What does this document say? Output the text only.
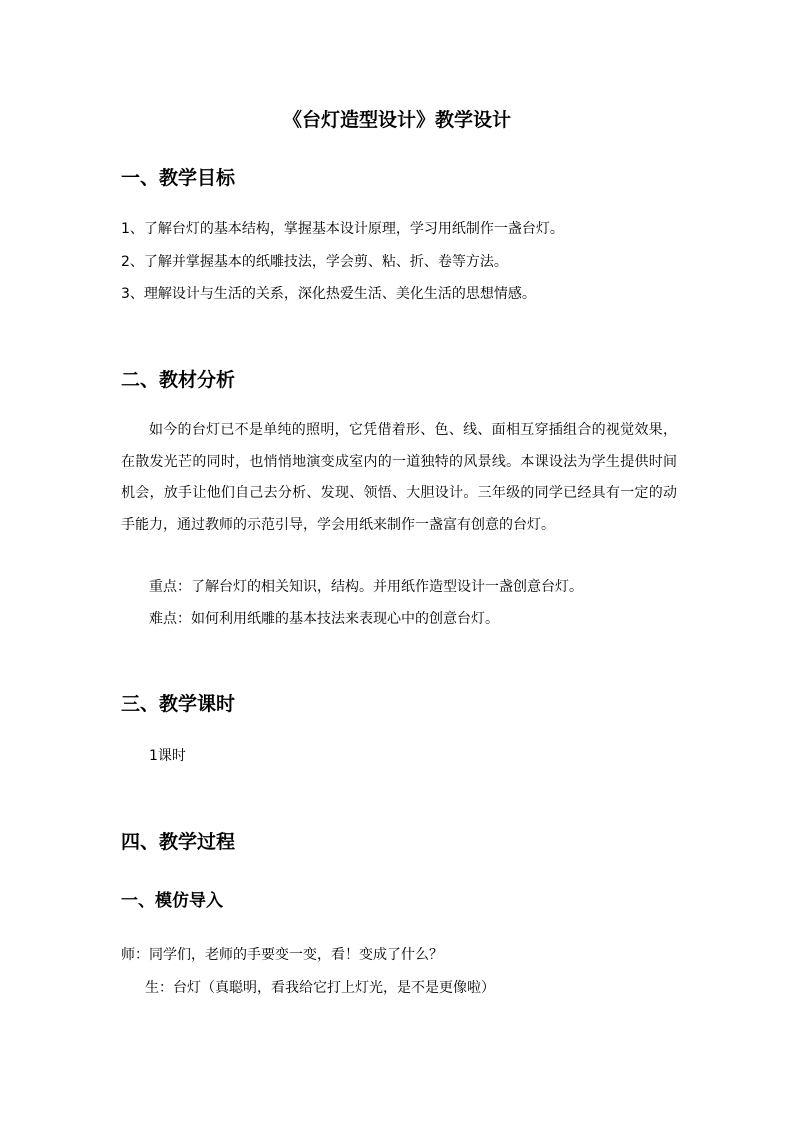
《台灯造型设计》教学设计
一、教学目标
1、了解台灯的基本结构，掌握基本设计原理，学习用纸制作一盏台灯。
2、了解并掌握基本的纸雕技法，学会剪、粘、折、卷等方法。
3、理解设计与生活的关系，深化热爱生活、美化生活的思想情感。
二、教材分析
如今的台灯已不是单纯的照明，它凭借着形、色、线、面相互穿插组合的视觉效果，在散发光芒的同时，也悄悄地演变成室内的一道独特的风景线。本课设法为学生提供时间机会，放手让他们自己去分析、发现、领悟、大胆设计。三年级的同学已经具有一定的动手能力，通过教师的示范引导，学会用纸来制作一盏富有创意的台灯。
重点：了解台灯的相关知识，结构。并用纸作造型设计一盏创意台灯。
难点：如何利用纸雕的基本技法来表现心中的创意台灯。
三、教学课时
1课时
四、教学过程
一、模仿导入
师：同学们，老师的手要变一变，看！变成了什么？
生：台灯（真聪明，看我给它打上灯光，是不是更像啦）
